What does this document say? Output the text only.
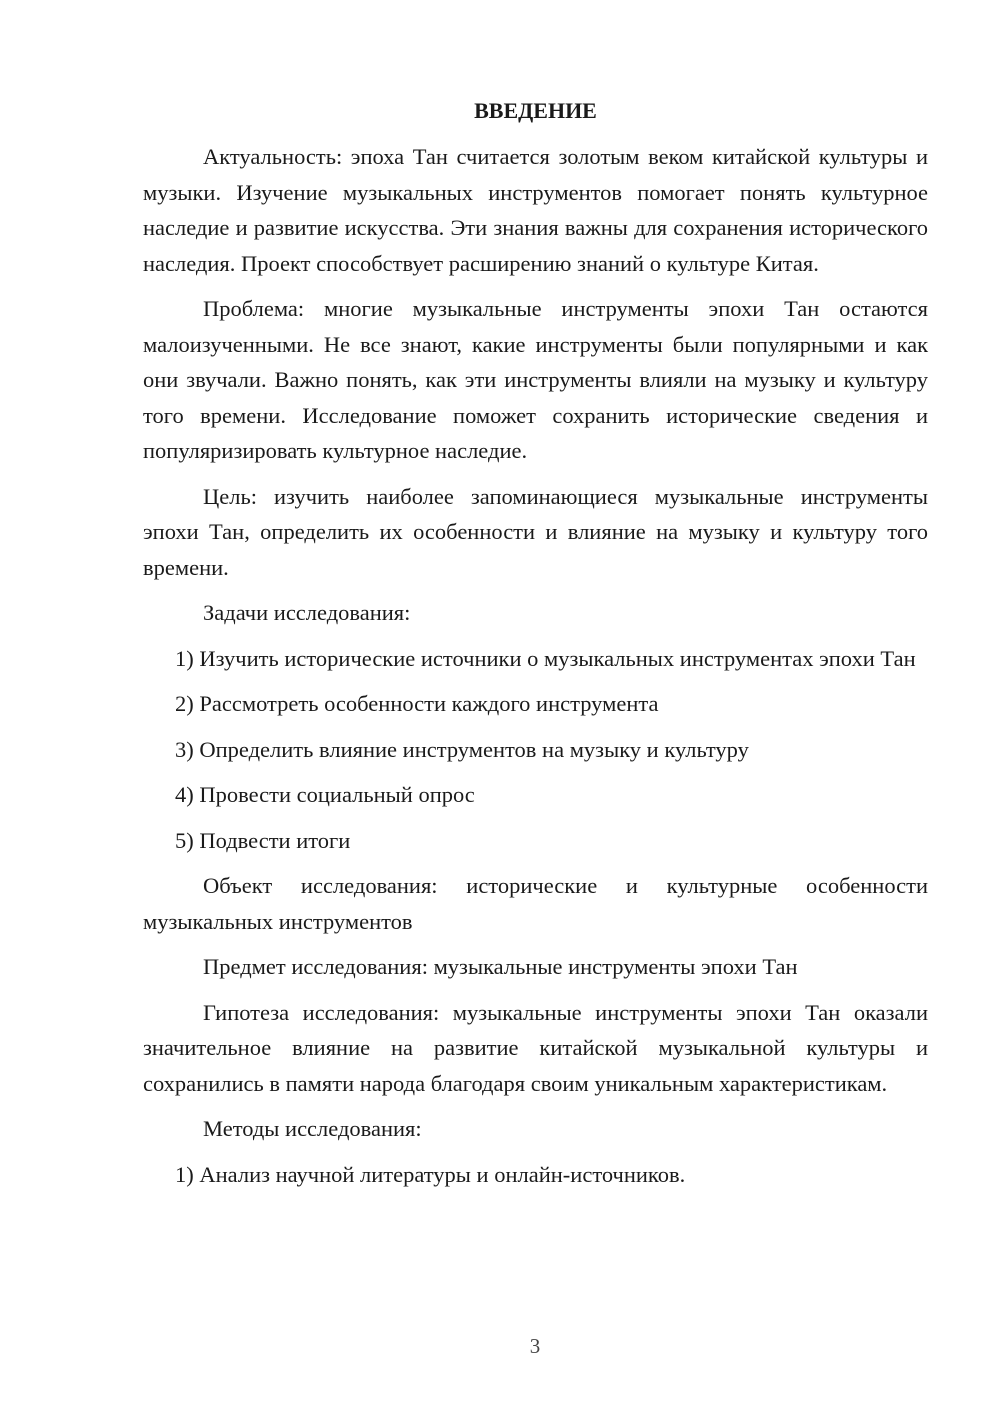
ВВЕДЕНИЕ

Актуальность: эпоха Тан считается золотым веком китайской культуры и музыки. Изучение музыкальных инструментов помогает понять культурное наследие и развитие искусства. Эти знания важны для сохранения исторического наследия. Проект способствует расширению знаний о культуре Китая.

Проблема: многие музыкальные инструменты эпохи Тан остаются малоизученными. Не все знают, какие инструменты были популярными и как они звучали. Важно понять, как эти инструменты влияли на музыку и культуру того времени. Исследование поможет сохранить исторические сведения и популяризировать культурное наследие.

Цель: изучить наиболее запоминающиеся музыкальные инструменты эпохи Тан, определить их особенности и влияние на музыку и культуру того времени.

Задачи исследования:

1) Изучить исторические источники о музыкальных инструментах эпохи Тан

2) Рассмотреть особенности каждого инструмента

3) Определить влияние инструментов на музыку и культуру

4) Провести социальный опрос

5) Подвести итоги

Объект исследования: исторические и культурные особенности музыкальных инструментов

Предмет исследования: музыкальные инструменты эпохи Тан

Гипотеза исследования: музыкальные инструменты эпохи Тан оказали значительное влияние на развитие китайской музыкальной культуры и сохранились в памяти народа благодаря своим уникальным характеристикам.

Методы исследования:

1) Анализ научной литературы и онлайн-источников.

3
